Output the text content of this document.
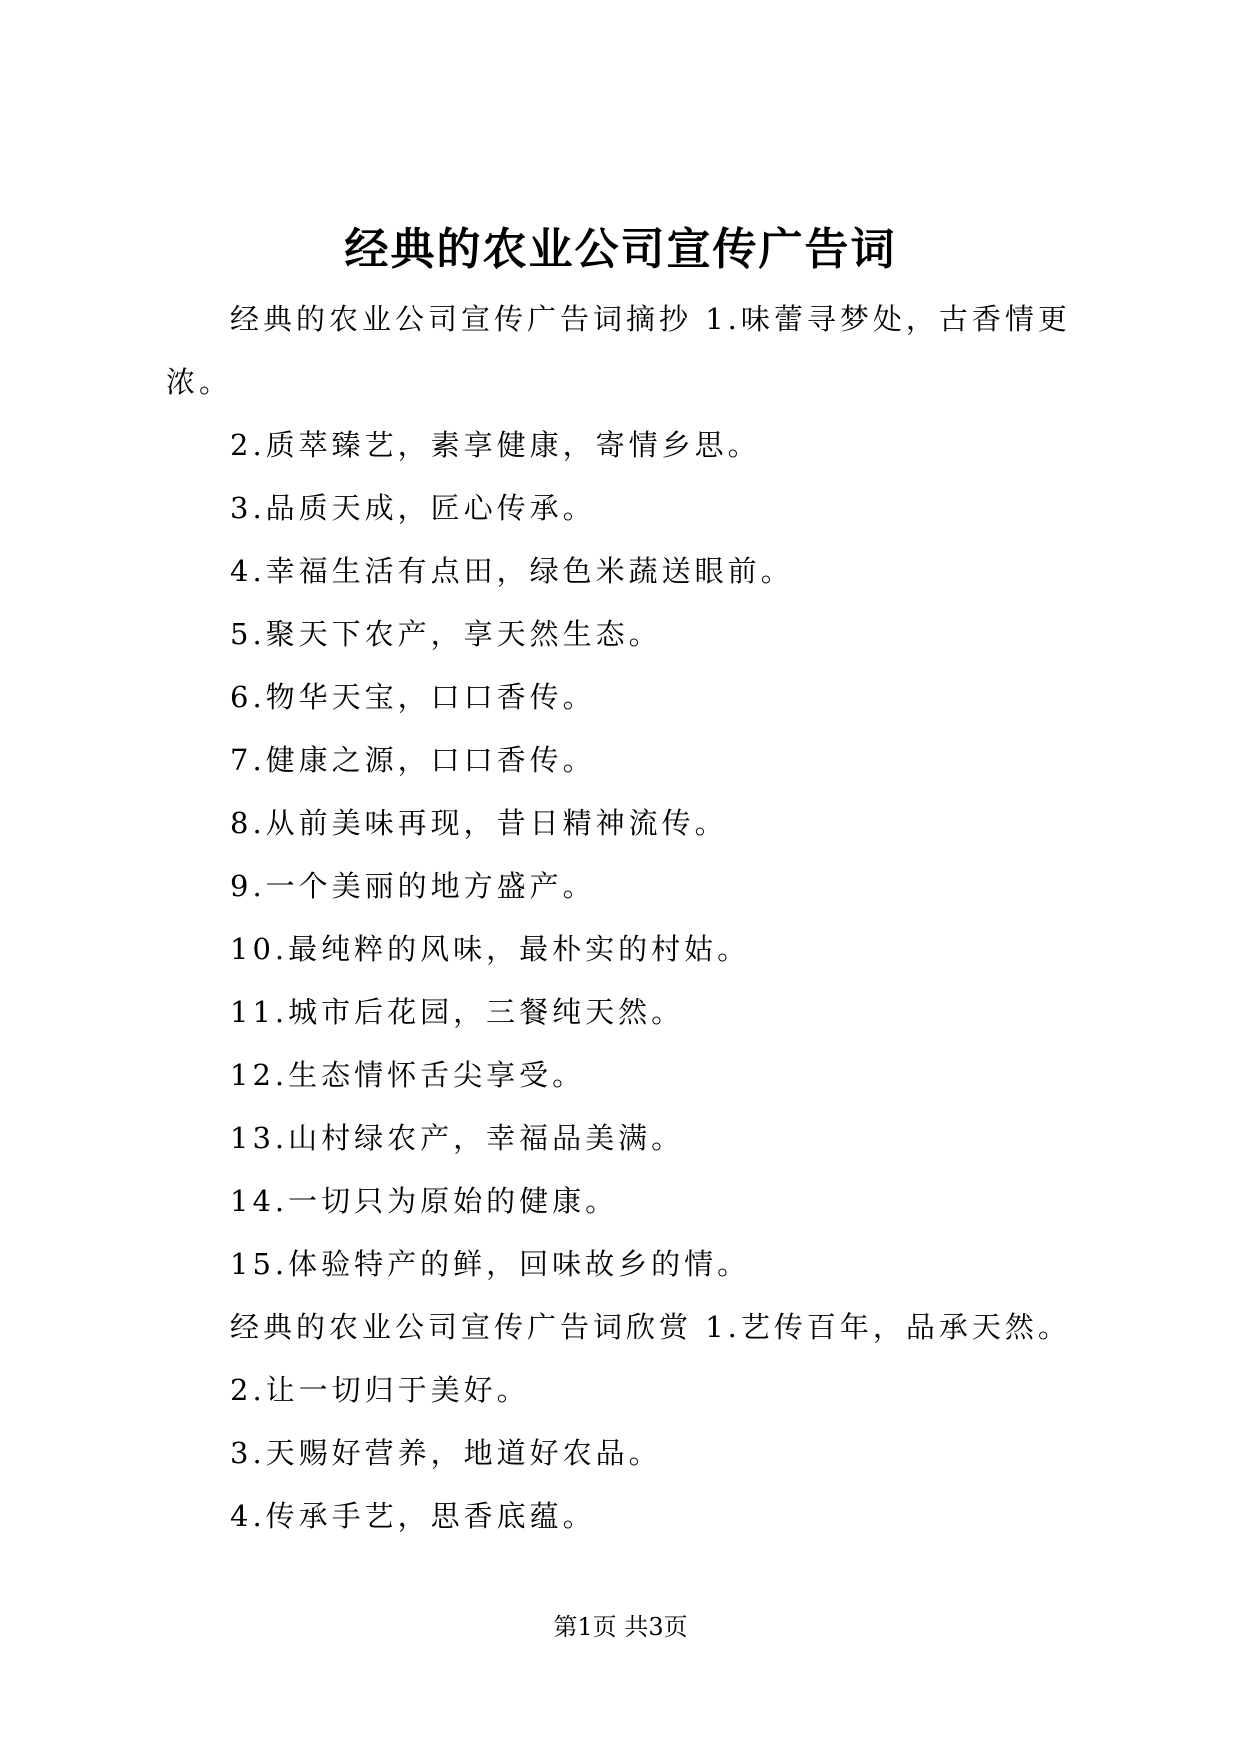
经典的农业公司宣传广告词

经典的农业公司宣传广告词摘抄 1.味蕾寻梦处，古香情更浓。

2.质萃臻艺，素享健康，寄情乡思。

3.品质天成，匠心传承。

4.幸福生活有点田，绿色米蔬送眼前。

5.聚天下农产，享天然生态。

6.物华天宝，口口香传。

7.健康之源，口口香传。

8.从前美味再现，昔日精神流传。

9.一个美丽的地方盛产。

10.最纯粹的风味，最朴实的村姑。

11.城市后花园，三餐纯天然。

12.生态情怀舌尖享受。

13.山村绿农产，幸福品美满。

14.一切只为原始的健康。

15.体验特产的鲜，回味故乡的情。

经典的农业公司宣传广告词欣赏 1.艺传百年，品承天然。

2.让一切归于美好。

3.天赐好营养，地道好农品。

4.传承手艺，思香底蕴。

第1页 共3页
